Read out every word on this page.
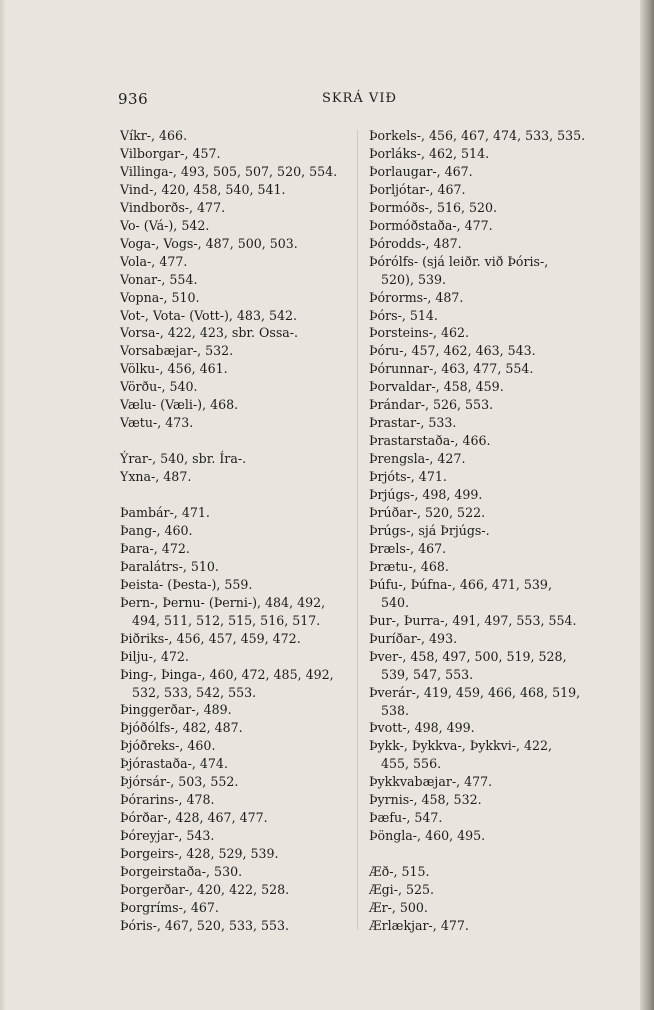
936	SKRÁ VIÐ
Víkr-, 466.
Vilborgar-, 457.
Villinga-, 493, 505, 507, 520, 554.
Vind-, 420, 458, 540, 541.
Vindborðs-, 477.
Vo- (Vá-), 542.
Voga-, Vogs-, 487, 500, 503.
Vola-, 477.
Vonar-, 554.
Vopna-, 510.
Vot-, Vota- (Vott-), 483, 542.
Vorsa-, 422, 423, sbr. Ossa-.
Vorsabæjar-, 532.
Völku-, 456, 461.
Vörðu-, 540.
Vælu- (Væli-), 468.
Vætu-, 473.
Ýrar-, 540, sbr. Íra-.
Yxna-, 487.
Þambár-, 471.
Þang-, 460.
Þara-, 472.
Þaralátrs-, 510.
Þeista- (Þesta-), 559.
Þern-, Þernu- (Þerni-), 484, 492,
494, 511, 512, 515, 516, 517.
Þiðriks-, 456, 457, 459, 472.
Þilju-, 472.
Þing-, Þinga-, 460, 472, 485, 492,
532, 533, 542, 553.
Þinggerðar-, 489.
Þjóðólfs-, 482, 487.
Þjóðreks-, 460.
Þjórastaða-, 474.
Þjórsár-, 503, 552.
Þórarins-, 478.
Þórðar-, 428, 467, 477.
Þóreyjar-, 543.
Þorgeirs-, 428, 529, 539.
Þorgeirstaða-, 530.
Þorgerðar-, 420, 422, 528.
Þorgríms-, 467.
Þóris-, 467, 520, 533, 553.
Þorkels-, 456, 467, 474, 533, 535.
Þorláks-, 462, 514.
Þorlaugar-, 467.
Þorljótar-, 467.
Þormóðs-, 516, 520.
Þormóðstaða-, 477.
Þórodds-, 487.
Þórólfs- (sjá leiðr. við Þóris-,
520), 539.
Þórorms-, 487.
Þórs-, 514.
Þorsteins-, 462.
Þóru-, 457, 462, 463, 543.
Þórunnar-, 463, 477, 554.
Þorvaldar-, 458, 459.
Þrándar-, 526, 553.
Þrastar-, 533.
Þrastarstaða-, 466.
Þrengsla-, 427.
Þrjóts-, 471.
Þrjúgs-, 498, 499.
Þrúðar-, 520, 522.
Þrúgs-, sjá Þrjúgs-.
Þræls-, 467.
Þrætu-, 468.
Þúfu-, Þúfna-, 466, 471, 539,
540.
Þur-, Þurra-, 491, 497, 553, 554.
Þuríðar-, 493.
Þver-, 458, 497, 500, 519, 528,
539, 547, 553.
Þverár-, 419, 459, 466, 468, 519,
538.
Þvott-, 498, 499.
Þykk-, Þykkva-, Þykkvi-, 422,
455, 556.
Þykkvabæjar-, 477.
Þyrnis-, 458, 532.
Þæfu-, 547.
Þöngla-, 460, 495.
Æð-, 515.
Ægi-, 525.
Ær-, 500.
Ærlækjar-, 477.
